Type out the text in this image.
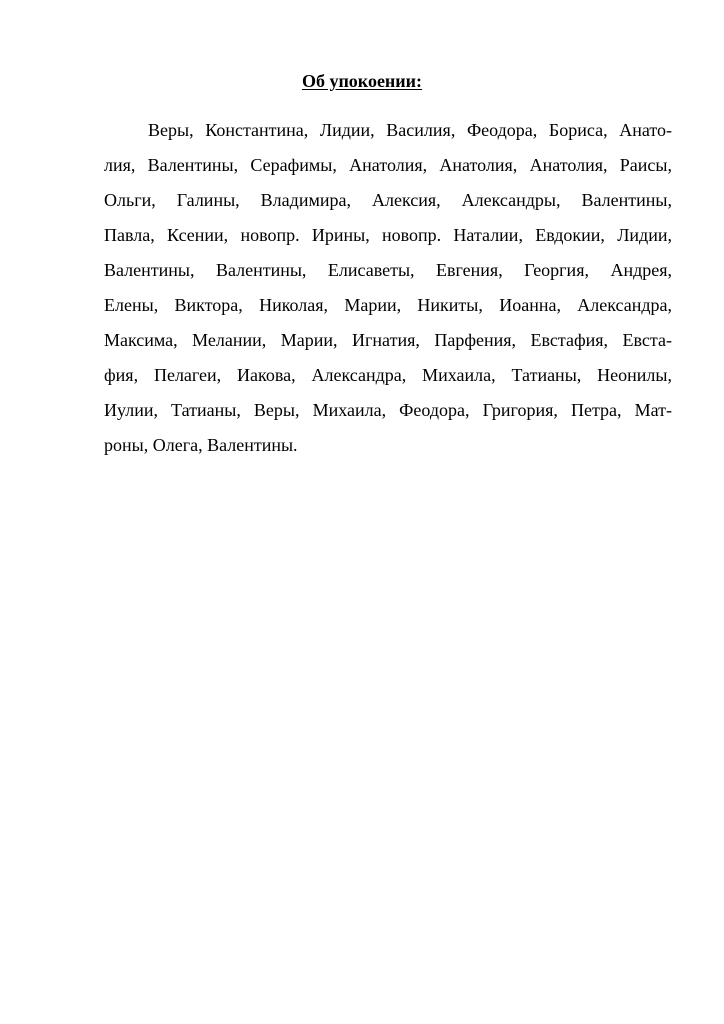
Об упокоении:
Веры, Константина, Лидии, Василия, Феодора, Бориса, Анато-
лия, Валентины, Серафимы, Анатолия, Анатолия, Анатолия, Раисы,
Ольги, Галины, Владимира, Алексия, Александры, Валентины,
Павла, Ксении, новопр. Ирины, новопр. Наталии, Евдокии, Лидии,
Валентины, Валентины, Елисаветы, Евгения, Георгия, Андрея,
Елены, Виктора, Николая, Марии, Никиты, Иоанна, Александра,
Максима, Мелании, Марии, Игнатия, Парфения, Евстафия, Евста-
фия, Пелагеи, Иакова, Александра, Михаила, Татианы, Неонилы,
Иулии, Татианы, Веры, Михаила, Феодора, Григория, Петра, Мат-
роны, Олега, Валентины.
